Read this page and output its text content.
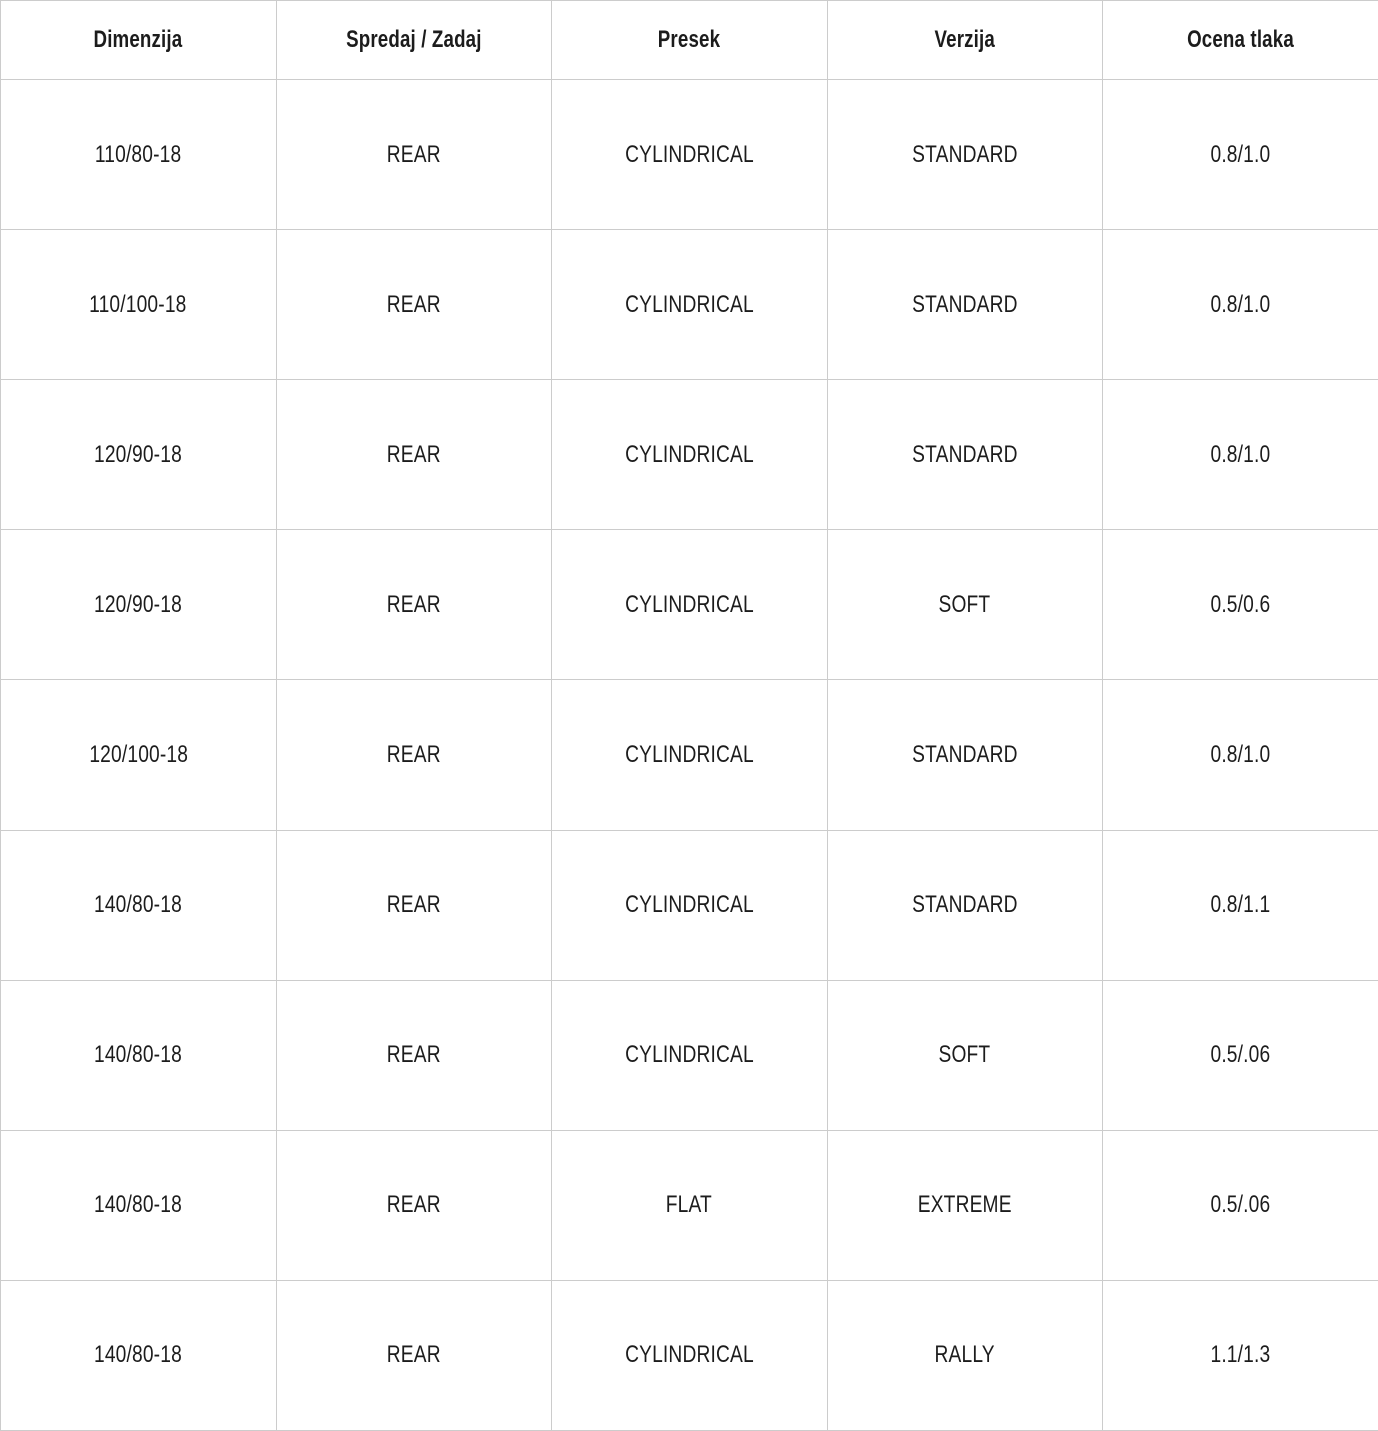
Dimenzija	Spredaj / Zadaj	Presek	Verzija	Ocena tlaka
110/80-18	REAR	CYLINDRICAL	STANDARD	0.8/1.0
110/100-18	REAR	CYLINDRICAL	STANDARD	0.8/1.0
120/90-18	REAR	CYLINDRICAL	STANDARD	0.8/1.0
120/90-18	REAR	CYLINDRICAL	SOFT	0.5/0.6
120/100-18	REAR	CYLINDRICAL	STANDARD	0.8/1.0
140/80-18	REAR	CYLINDRICAL	STANDARD	0.8/1.1
140/80-18	REAR	CYLINDRICAL	SOFT	0.5/.06
140/80-18	REAR	FLAT	EXTREME	0.5/.06
140/80-18	REAR	CYLINDRICAL	RALLY	1.1/1.3
